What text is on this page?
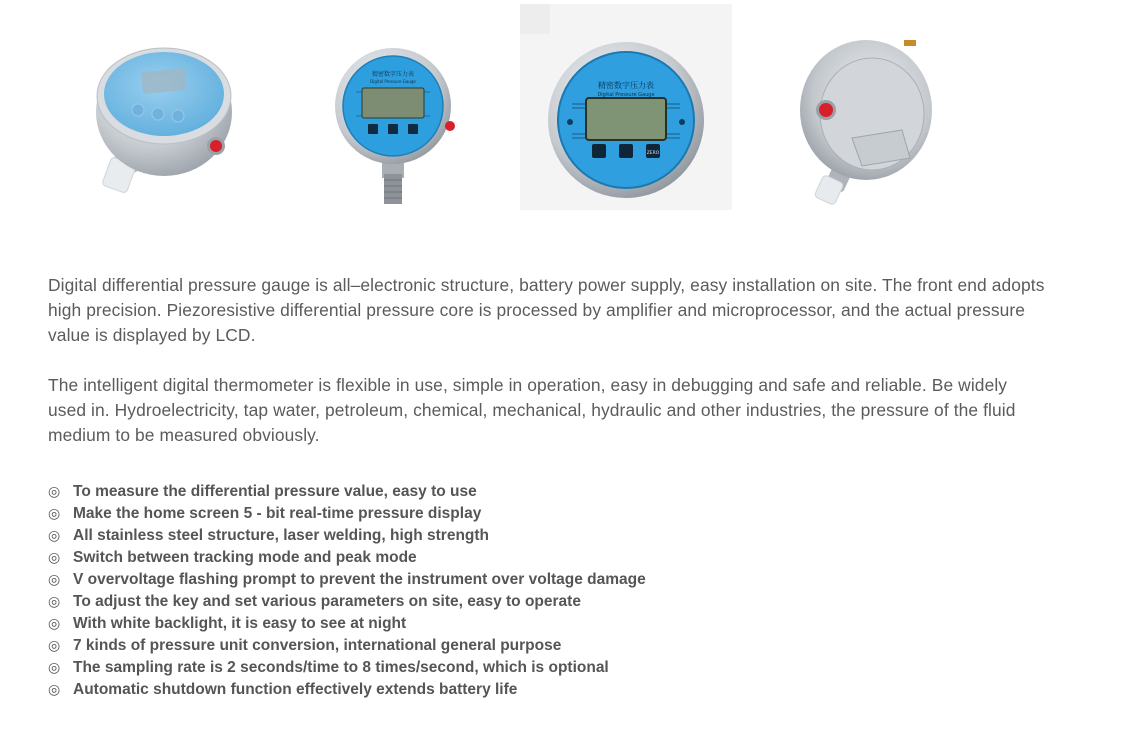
精密数字压力表
Digital Pressure Gauge	精密数字压力表
Digital Pressure Gauge
ZERO

Digital differential pressure gauge is all–electronic structure, battery power supply, easy installation on site. The front end adopts high precision. Piezoresistive differential pressure core is processed by amplifier and microprocessor, and the actual pressure value is displayed by LCD.

The intelligent digital thermometer is flexible in use, simple in operation, easy in debugging and safe and reliable. Be widely used in. Hydroelectricity, tap water, petroleum, chemical, mechanical, hydraulic and other industries, the pressure of the fluid medium to be measured obviously.

◎ To measure the differential pressure value, easy to use
◎ Make the home screen 5 - bit real-time pressure display
◎ All stainless steel structure, laser welding, high strength
◎ Switch between tracking mode and peak mode
◎ V overvoltage flashing prompt to prevent the instrument over voltage damage
◎ To adjust the key and set various parameters on site, easy to operate
◎ With white backlight, it is easy to see at night
◎ 7 kinds of pressure unit conversion, international general purpose
◎ The sampling rate is 2 seconds/time to 8 times/second, which is optional
◎ Automatic shutdown function effectively extends battery life
